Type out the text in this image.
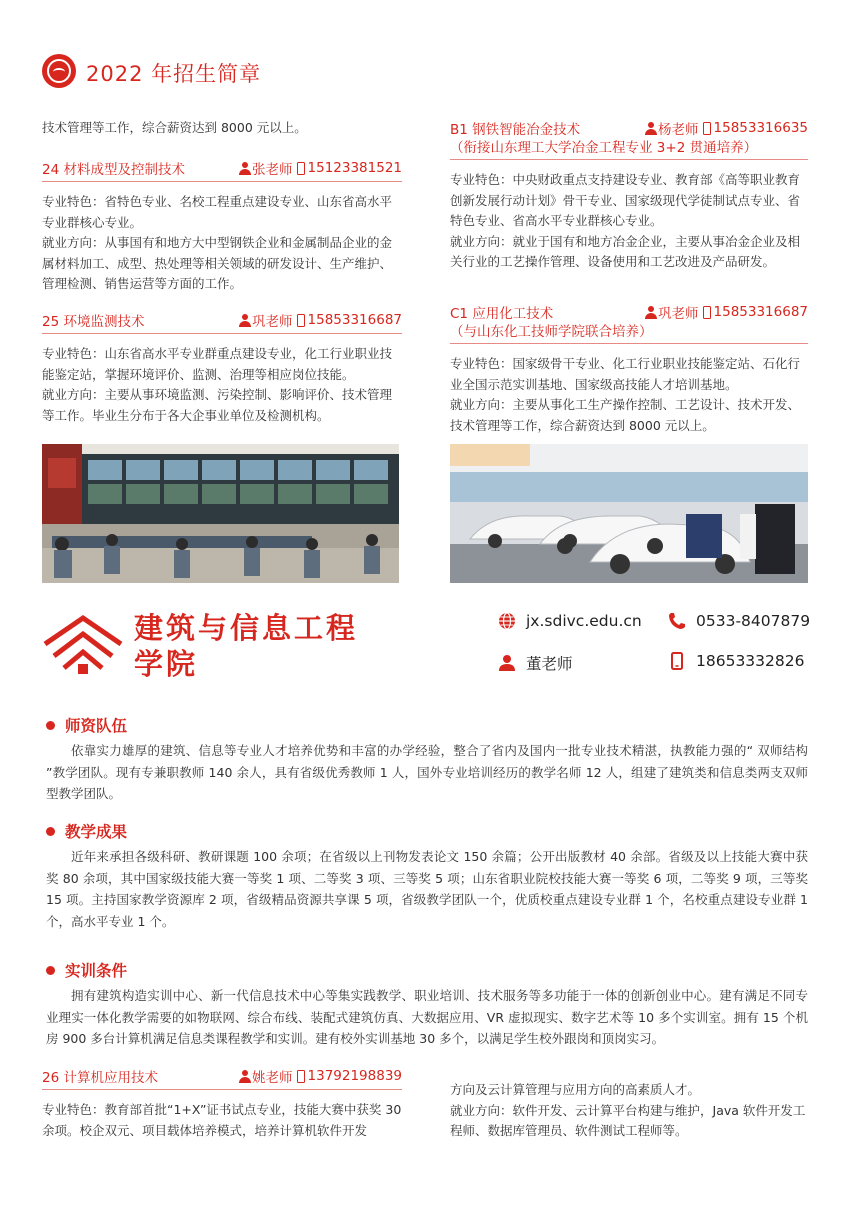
2022 年招生简章
技术管理等工作，综合薪资达到 8000 元以上。
24 材料成型及控制技术	张老师 15123381521
专业特色：省特色专业、名校工程重点建设专业、山东省高水平专业群核心专业。
就业方向：从事国有和地方大中型钢铁企业和金属制品企业的金属材料加工、成型、热处理等相关领域的研发设计、生产维护、管理检测、销售运营等方面的工作。
25 环境监测技术	巩老师 15853316687
专业特色：山东省高水平专业群重点建设专业，化工行业职业技能鉴定站，掌握环境评价、监测、治理等相应岗位技能。
就业方向：主要从事环境监测、污染控制、影响评价、技术管理等工作。毕业生分布于各大企事业单位及检测机构。
B1 钢铁智能冶金技术	杨老师 15853316635
（衔接山东理工大学冶金工程专业 3+2 贯通培养）
专业特色：中央财政重点支持建设专业、教育部《高等职业教育创新发展行动计划》骨干专业、国家级现代学徒制试点专业、省特色专业、省高水平专业群核心专业。
就业方向：就业于国有和地方冶金企业，主要从事冶金企业及相关行业的工艺操作管理、设备使用和工艺改进及产品研发。
C1 应用化工技术	巩老师 15853316687
（与山东化工技师学院联合培养）
专业特色：国家级骨干专业、化工行业职业技能鉴定站、石化行业全国示范实训基地、国家级高技能人才培训基地。
就业方向：主要从事化工生产操作控制、工艺设计、技术开发、技术管理等工作，综合薪资达到 8000 元以上。
建筑与信息工程
学院
jx.sdivc.edu.cn	0533-8407879
董老师	18653332826
师资队伍
依靠实力雄厚的建筑、信息等专业人才培养优势和丰富的办学经验，整合了省内及国内一批专业技术精湛，执教能力强的“ 双师结构 ”教学团队。现有专兼职教师 140 余人，具有省级优秀教师 1 人，国外专业培训经历的教学名师 12 人，组建了建筑类和信息类两支双师型教学团队。
教学成果
近年来承担各级科研、教研课题 100 余项；在省级以上刊物发表论文 150 余篇；公开出版教材 40 余部。省级及以上技能大赛中获奖 80 余项，其中国家级技能大赛一等奖 1 项、二等奖 3 项、三等奖 5 项；山东省职业院校技能大赛一等奖 6 项，二等奖 9 项，三等奖 15 项。主持国家教学资源库 2 项，省级精品资源共享课 5 项，省级教学团队一个，优质校重点建设专业群 1 个，名校重点建设专业群 1 个，高水平专业 1 个。
实训条件
拥有建筑构造实训中心、新一代信息技术中心等集实践教学、职业培训、技术服务等多功能于一体的创新创业中心。建有满足不同专业理实一体化教学需要的如物联网、综合布线、装配式建筑仿真、大数据应用、VR 虚拟现实、数字艺术等 10 多个实训室。拥有 15 个机房 900 多台计算机满足信息类课程教学和实训。建有校外实训基地 30 多个，以满足学生校外跟岗和顶岗实习。
26 计算机应用技术	姚老师 13792198839
专业特色：教育部首批“1+X”证书试点专业，技能大赛中获奖 30 余项。校企双元、项目载体培养模式，培养计算机软件开发
方向及云计算管理与应用方向的高素质人才。
就业方向：软件开发、云计算平台构建与维护，Java 软件开发工程师、数据库管理员、软件测试工程师等。
